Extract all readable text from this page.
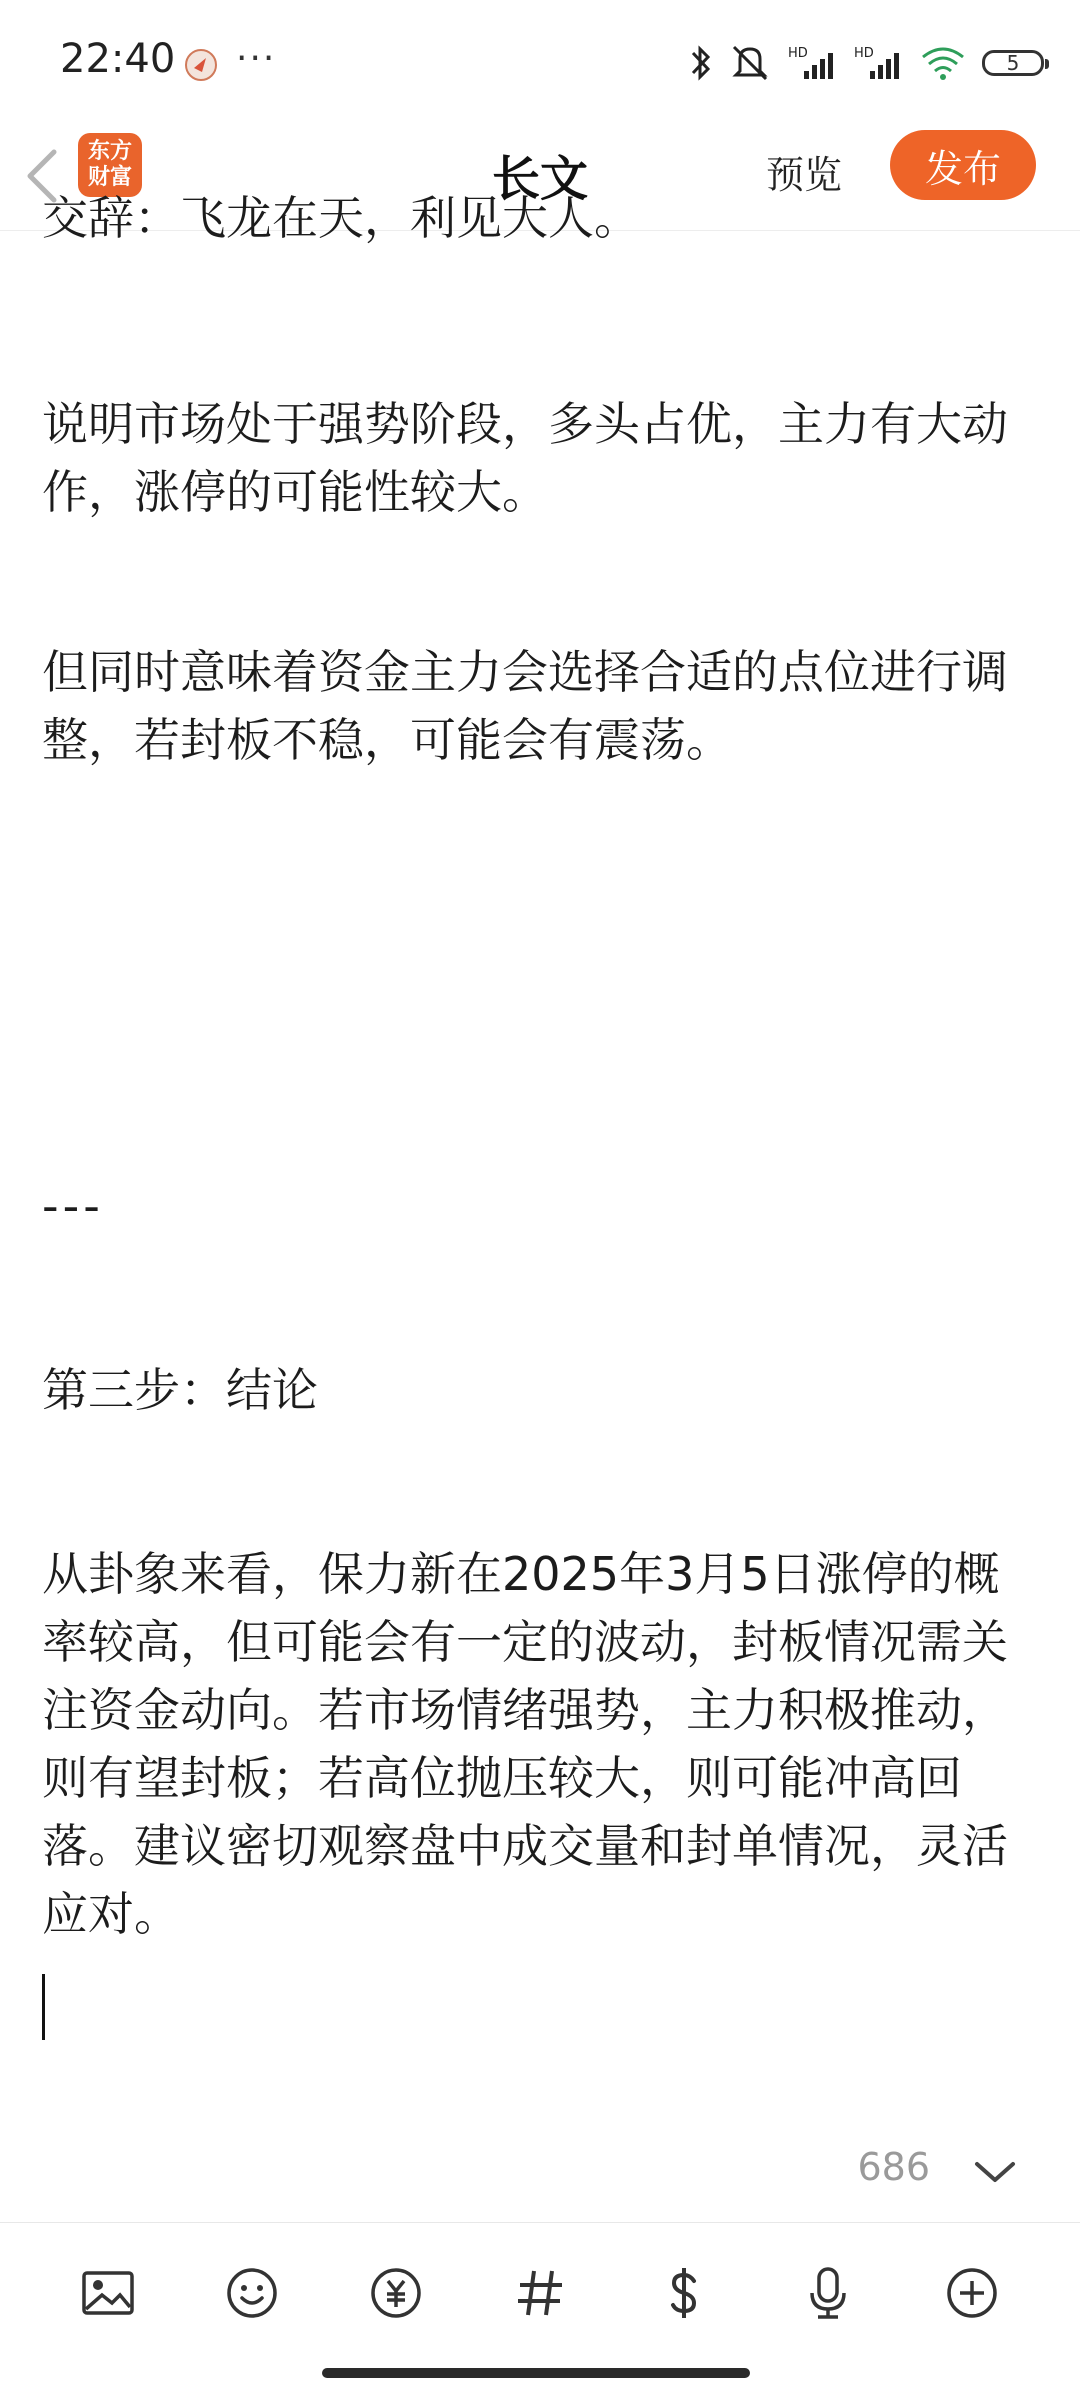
22:40 ···	HD	HD	5
东方
财富	长文	预览	发布
交辞：飞龙在天，利见大人。

说明市场处于强势阶段，多头占优，主力有大动作，涨停的可能性较大。

但同时意味着资金主力会选择合适的点位进行调整，若封板不稳，可能会有震荡。

---

第三步：结论

从卦象来看，保力新在2025年3月5日涨停的概率较高，但可能会有一定的波动，封板情况需关注资金动向。若市场情绪强势，主力积极推动，则有望封板；若高位抛压较大，则可能冲高回落。建议密切观察盘中成交量和封单情况，灵活应对。

686
